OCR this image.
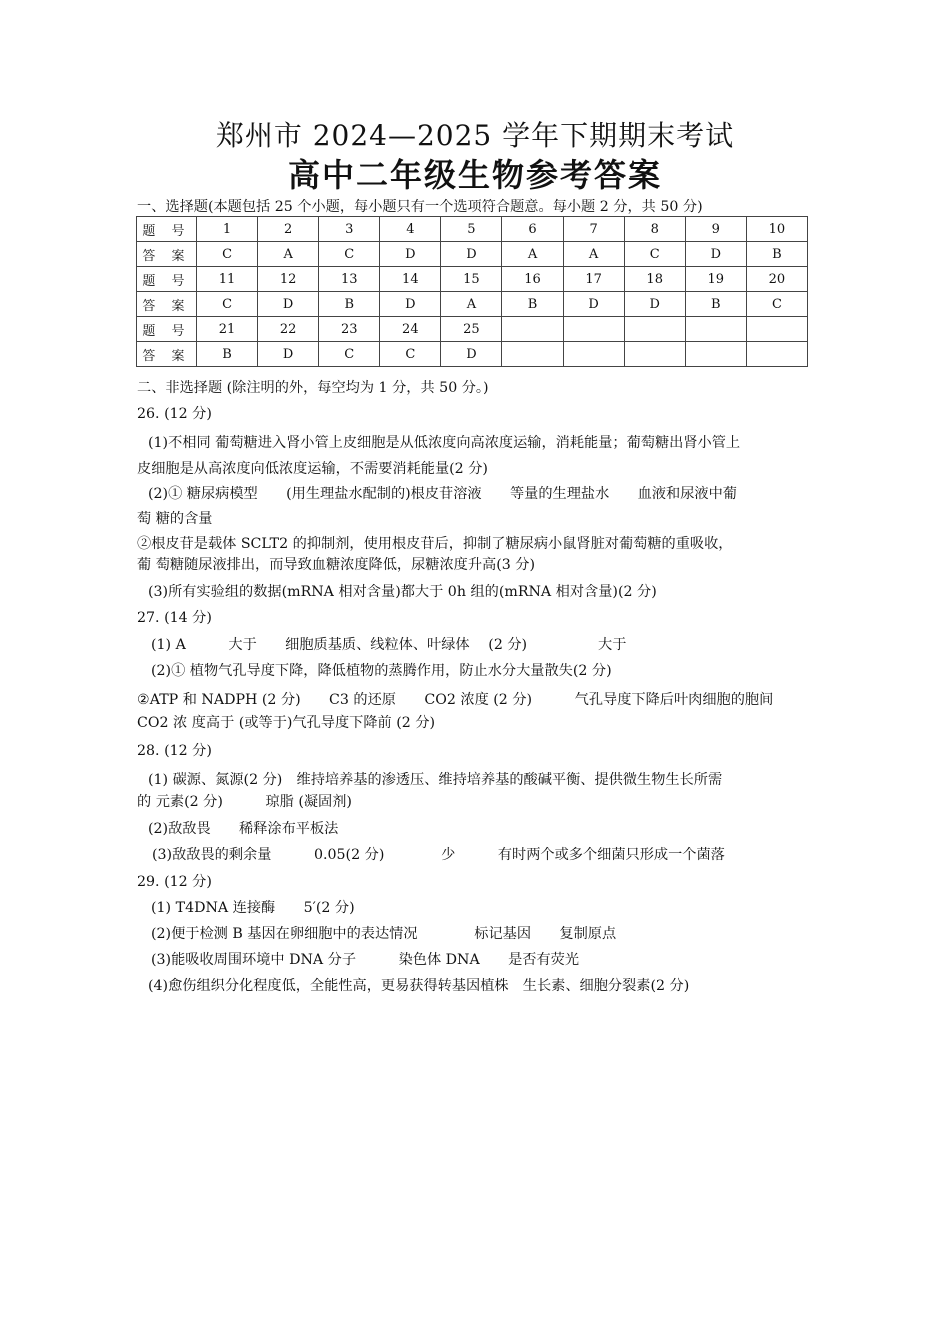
郑州市 2024—2025 学年下期期末考试
高中二年级生物参考答案
一、选择题(本题包括 25 个小题，每小题只有一个选项符合题意。每小题 2 分，共 50 分)
题 号	1	2	3	4	5	6	7	8	9	10
答 案	C	A	C	D	D	A	A	C	D	B
题 号	11	12	13	14	15	16	17	18	19	20
答 案	C	D	B	D	A	B	D	D	B	C
题 号	21	22	23	24	25					
答 案	B	D	C	C	D					
二、非选择题 (除注明的外，每空均为 1 分，共 50 分。)
26. (12 分)
(1)不相同 葡萄糖进入肾小管上皮细胞是从低浓度向高浓度运输，消耗能量；葡萄糖出肾小管上
皮细胞是从高浓度向低浓度运输，不需要消耗能量(2 分)
(2)① 糖尿病模型　　(用生理盐水配制的)根皮苷溶液　　等量的生理盐水　　血液和尿液中葡
萄 糖的含量
②根皮苷是载体 SCLT2 的抑制剂，使用根皮苷后，抑制了糖尿病小鼠肾脏对葡萄糖的重吸收，
葡 萄糖随尿液排出，而导致血糖浓度降低，尿糖浓度升高(3 分)
(3)所有实验组的数据(mRNA 相对含量)都大于 0h 组的(mRNA 相对含量)(2 分)
27. (14 分)
(1) A　　　大于　　细胞质基质、线粒体、叶绿体　 (2 分)　　　　　大于
(2)① 植物气孔导度下降，降低植物的蒸腾作用，防止水分大量散失(2 分)
②ATP 和 NADPH (2 分)　　C3 的还原　　CO2 浓度 (2 分)　　　气孔导度下降后叶肉细胞的胞间
CO2 浓 度高于 (或等于)气孔导度下降前 (2 分)
28. (12 分)
(1) 碳源、氮源(2 分)　维持培养基的渗透压、维持培养基的酸碱平衡、提供微生物生长所需
的 元素(2 分)　　　琼脂 (凝固剂)
(2)敌敌畏　　稀释涂布平板法
(3)敌敌畏的剩余量　　　0.05(2 分)　　　　少　　　有时两个或多个细菌只形成一个菌落
29. (12 分)
(1) T4DNA 连接酶　　5′(2 分)
(2)便于检测 B 基因在卵细胞中的表达情况　　　　标记基因　　复制原点
(3)能吸收周围环境中 DNA 分子　　　染色体 DNA　　是否有荧光
(4)愈伤组织分化程度低，全能性高，更易获得转基因植株　生长素、细胞分裂素(2 分)
